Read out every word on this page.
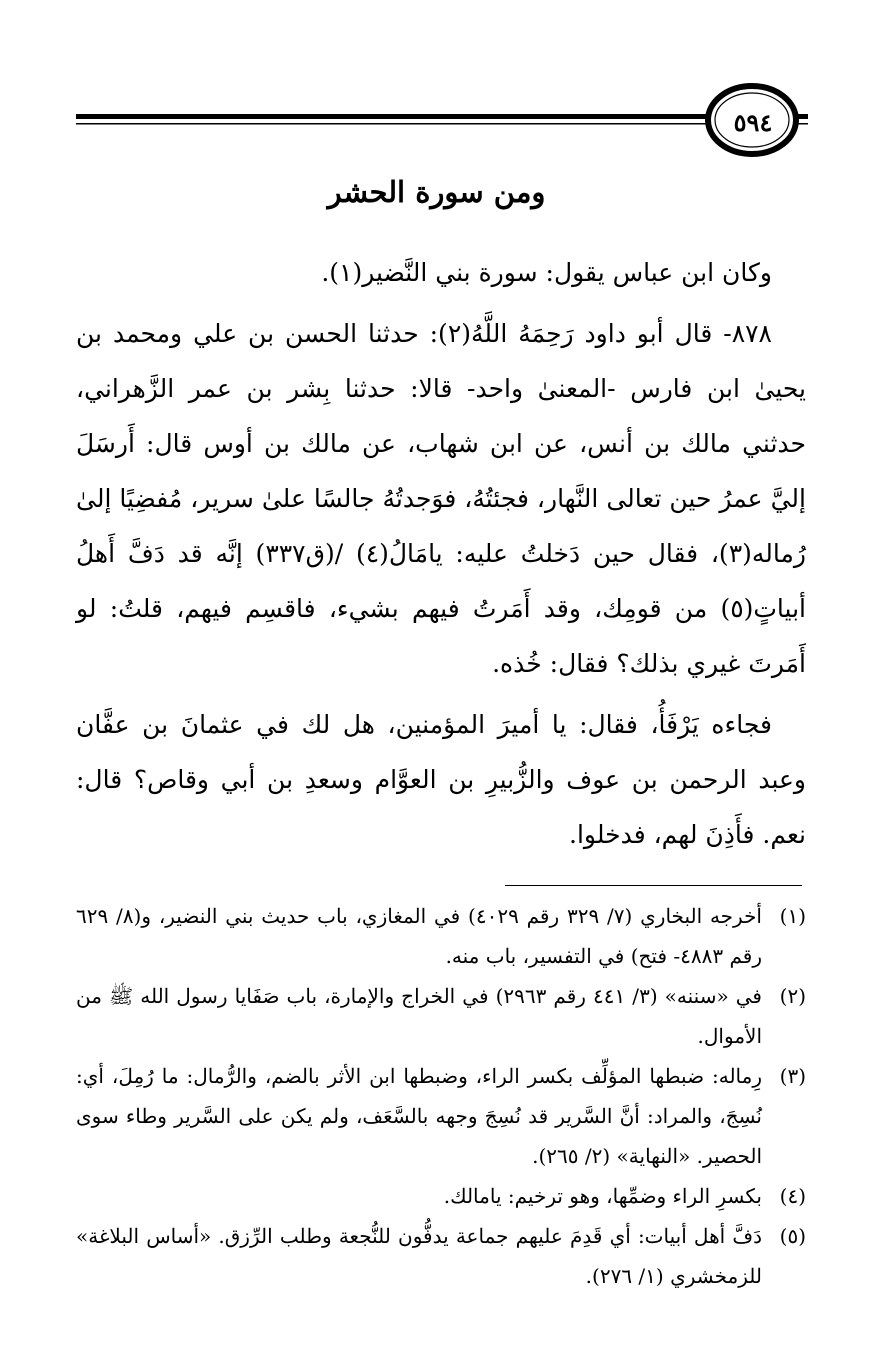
٥٩٤
ومن سورة الحشر

وكان ابن عباس يقول: سورة بني النَّضير(١).

٨٧٨- قال أبو داود رَحِمَهُ اللَّهُ(٢): حدثنا الحسن بن علي ومحمد بن يحيىٰ ابن فارس -المعنىٰ واحد- قالا: حدثنا بِشر بن عمر الزَّهراني، حدثني مالك بن أنس، عن ابن شهاب، عن مالك بن أوس قال: أَرسَلَ إليَّ عمرُ حين تعالى النَّهار، فجئتُهُ، فوَجدتُهُ جالسًا علىٰ سرير، مُفضِيًا إلىٰ رُماله(٣)، فقال حين دَخلتُ عليه: يامَالُ(٤) /(ق٣٣٧) إنَّه قد دَفَّ أَهلُ أبياتٍ(٥) من قومِك، وقد أَمَرتُ فيهم بشيء، فاقسِم فيهم، قلتُ: لو أَمَرتَ غيري بذلك؟ فقال: خُذه.

فجاءه يَرْفَأُ، فقال: يا أميرَ المؤمنين، هل لك في عثمانَ بن عفَّان وعبد الرحمن بن عوف والزُّبيرِ بن العوَّام وسعدِ بن أبي وقاص؟ قال: نعم. فأَذِنَ لهم، فدخلوا.

(١)
أخرجه البخاري (٧/ ٣٢٩ رقم ٤٠٢٩) في المغازي، باب حديث بني النضير، و(٨/ ٦٢٩ رقم ٤٨٨٣- فتح) في التفسير، باب منه.
(٢)
في «سننه» (٣/ ٤٤١ رقم ٢٩٦٣) في الخراج والإمارة، باب صَفَايا رسول الله ﷺ من الأموال.
(٣)
رِماله: ضبطها المؤلِّف بكسر الراء، وضبطها ابن الأثر بالضم، والرُّمال: ما رُمِلَ، أي: نُسِجَ، والمراد: أنَّ السَّرير قد نُسِجَ وجهه بالسَّعَف، ولم يكن على السَّرير وطاء سوى الحصير. «النهاية» (٢/ ٢٦٥).
(٤)
بكسرِ الراء وضمِّها، وهو ترخيم: يامالك.
(٥)
دَفَّ أهل أبيات: أي قَدِمَ عليهم جماعة يدفُّون للنُّجعة وطلب الرِّزق. «أساس البلاغة» للزمخشري (١/ ٢٧٦).
